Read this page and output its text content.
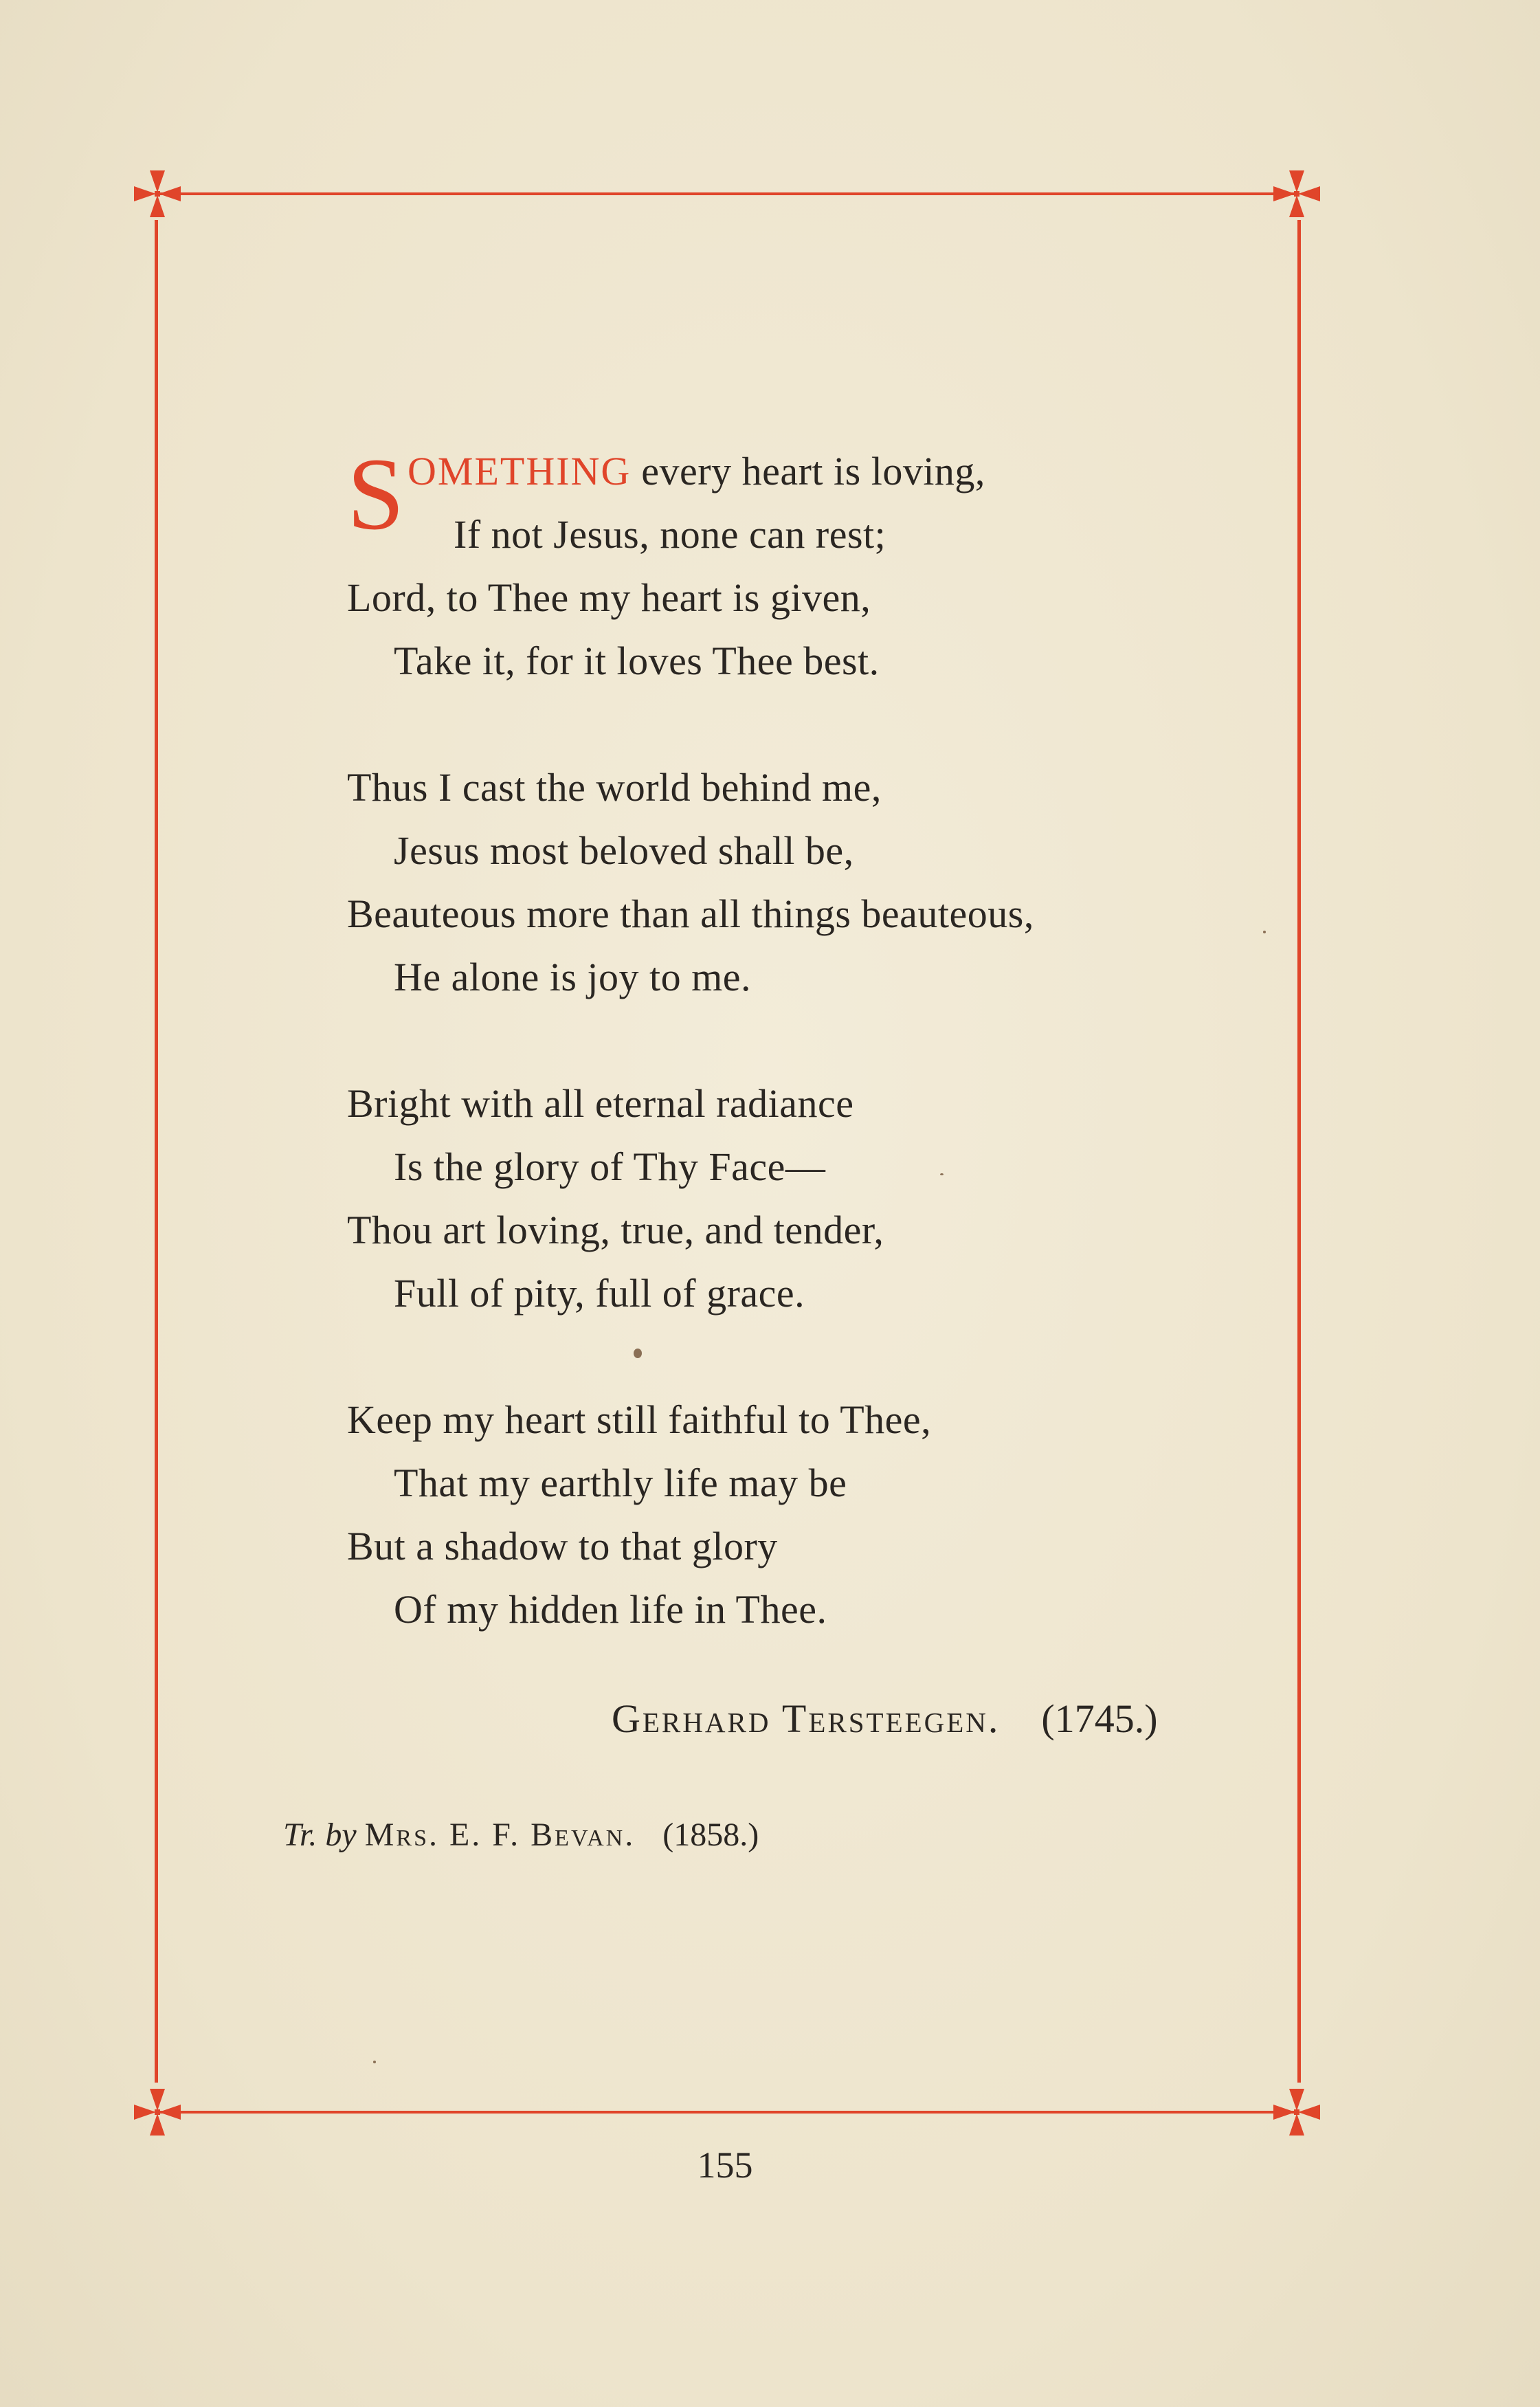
S OMETHING every heart is loving,
If not Jesus, none can rest;
Lord, to Thee my heart is given,
Take it, for it loves Thee best.
Thus I cast the world behind me,
Jesus most beloved shall be,
Beauteous more than all things beauteous,
He alone is joy to me.
Bright with all eternal radiance
Is the glory of Thy Face—
Thou art loving, true, and tender,
Full of pity, full of grace.
Keep my heart still faithful to Thee,
That my earthly life may be
But a shadow to that glory
Of my hidden life in Thee.
Gerhard Tersteegen. (1745.)
Tr. by Mrs. E. F. Bevan. (1858.)
155
